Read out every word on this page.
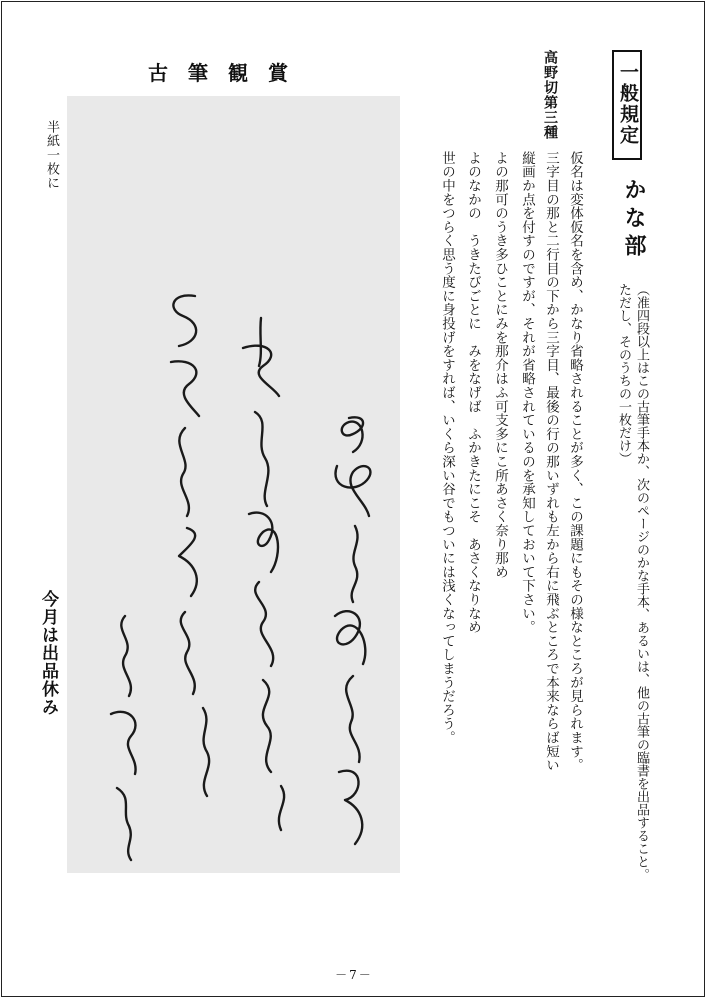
一般規定
かな部
（准四段以上はこの古筆手本か、次のページのかな手本、あるいは、他の古筆の臨書を出品すること。
ただし、そのうちの一枚だけ）
高野切第三種
仮名は変体仮名を含め、かなり省略されることが多く、この課題にもその様なところが見られます。
三字目の那と二行目の下から三字目、最後の行の那いずれも左から右に飛ぶところで本来ならば短い
縦画か点を付すのですが、それが省略されているのを承知しておいて下さい。
よの那可のうき多ひことにみを那介はふ可支多にこ所あさく奈り那め
よのなかの　うきたびごとに　みをなげば　ふかきたにこそ　あさくなりなめ
世の中をつらく思う度に身投げをすれば、いくら深い谷でもついには浅くなってしまうだろう。
古筆観賞
半紙一枚に
今月は出品休み
－7－
